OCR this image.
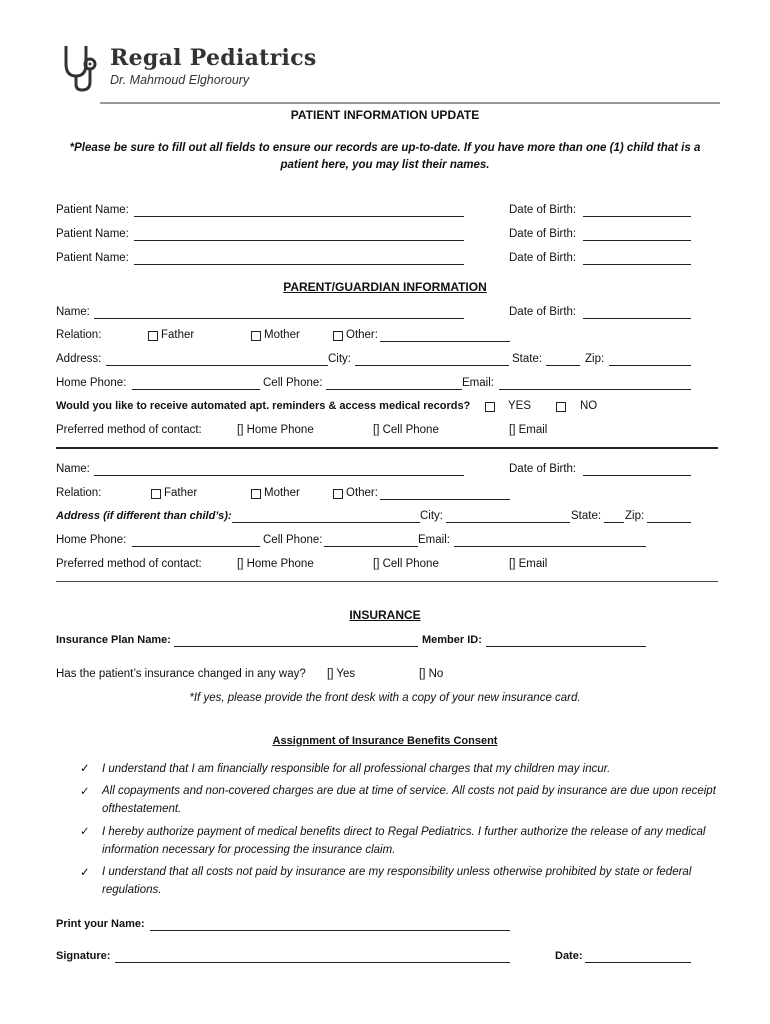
Regal Pediatrics
Dr. Mahmoud Elghoroury
PATIENT INFORMATION UPDATE
*Please be sure to fill out all fields to ensure our records are up-to-date. If you have more than one (1) child that is a
patient here, you may list their names.
Patient Name:	Date of Birth:
Patient Name:	Date of Birth:
Patient Name:	Date of Birth:
PARENT/GUARDIAN INFORMATION
Name:	Date of Birth:
Relation:	Father	Mother	Other:
Address:	City:	State:	Zip:
Home Phone:	Cell Phone:	Email:
Would you like to receive automated apt. reminders & access medical records?	YES	NO
Preferred method of contact:	[] Home Phone	[] Cell Phone	[] Email
Name:	Date of Birth:
Relation:	Father	Mother	Other:
Address (if different than child’s):	City:	State: Zip:
Home Phone:	Cell Phone:	Email:
Preferred method of contact:	[] Home Phone	[] Cell Phone	[] Email
INSURANCE
Insurance Plan Name:	Member ID:
Has the patient’s insurance changed in any way? [] Yes	[] No
*If yes, please provide the front desk with a copy of your new insurance card.
Assignment of Insurance Benefits Consent
✓ I understand that I am financially responsible for all professional charges that my children may incur.
✓ All copayments and non-covered charges are due at time of service. All costs not paid by insurance are due upon receipt
ofthestatement.
✓ I hereby authorize payment of medical benefits direct to Regal Pediatrics. I further authorize the release of any medical
information necessary for processing the insurance claim.
✓ I understand that all costs not paid by insurance are my responsibility unless otherwise prohibited by state or federal
regulations.
Print your Name:
Signature:	Date:
